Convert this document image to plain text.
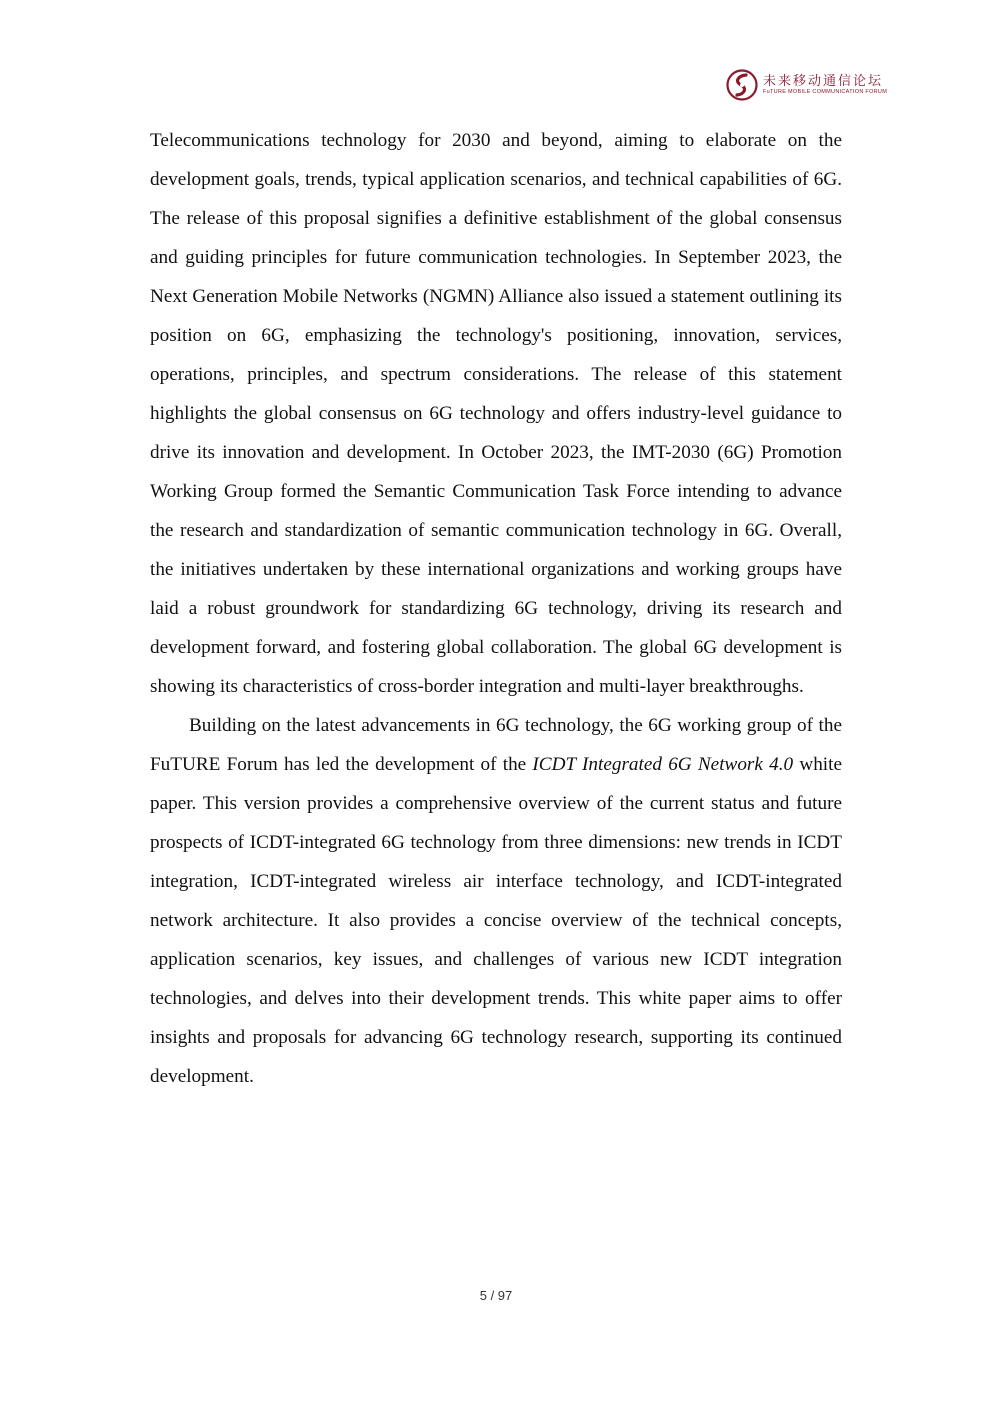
未来移动通信论坛
FuTURE MOBILE COMMUNICATION FORUM

Telecommunications technology for 2030 and beyond, aiming to elaborate on the development goals, trends, typical application scenarios, and technical capabilities of 6G. The release of this proposal signifies a definitive establishment of the global consensus and guiding principles for future communication technologies. In September 2023, the Next Generation Mobile Networks (NGMN) Alliance also issued a statement outlining its position on 6G, emphasizing the technology's positioning, innovation, services, operations, principles, and spectrum considerations. The release of this statement highlights the global consensus on 6G technology and offers industry-level guidance to drive its innovation and development. In October 2023, the IMT-2030 (6G) Promotion Working Group formed the Semantic Communication Task Force intending to advance the research and standardization of semantic communication technology in 6G. Overall, the initiatives undertaken by these international organizations and working groups have laid a robust groundwork for standardizing 6G technology, driving its research and development forward, and fostering global collaboration. The global 6G development is showing its characteristics of cross-border integration and multi-layer breakthroughs.

Building on the latest advancements in 6G technology, the 6G working group of the FuTURE Forum has led the development of the ICDT Integrated 6G Network 4.0 white paper. This version provides a comprehensive overview of the current status and future prospects of ICDT-integrated 6G technology from three dimensions: new trends in ICDT integration, ICDT-integrated wireless air interface technology, and ICDT-integrated network architecture. It also provides a concise overview of the technical concepts, application scenarios, key issues, and challenges of various new ICDT integration technologies, and delves into their development trends. This white paper aims to offer insights and proposals for advancing 6G technology research, supporting its continued development.

5 / 97
